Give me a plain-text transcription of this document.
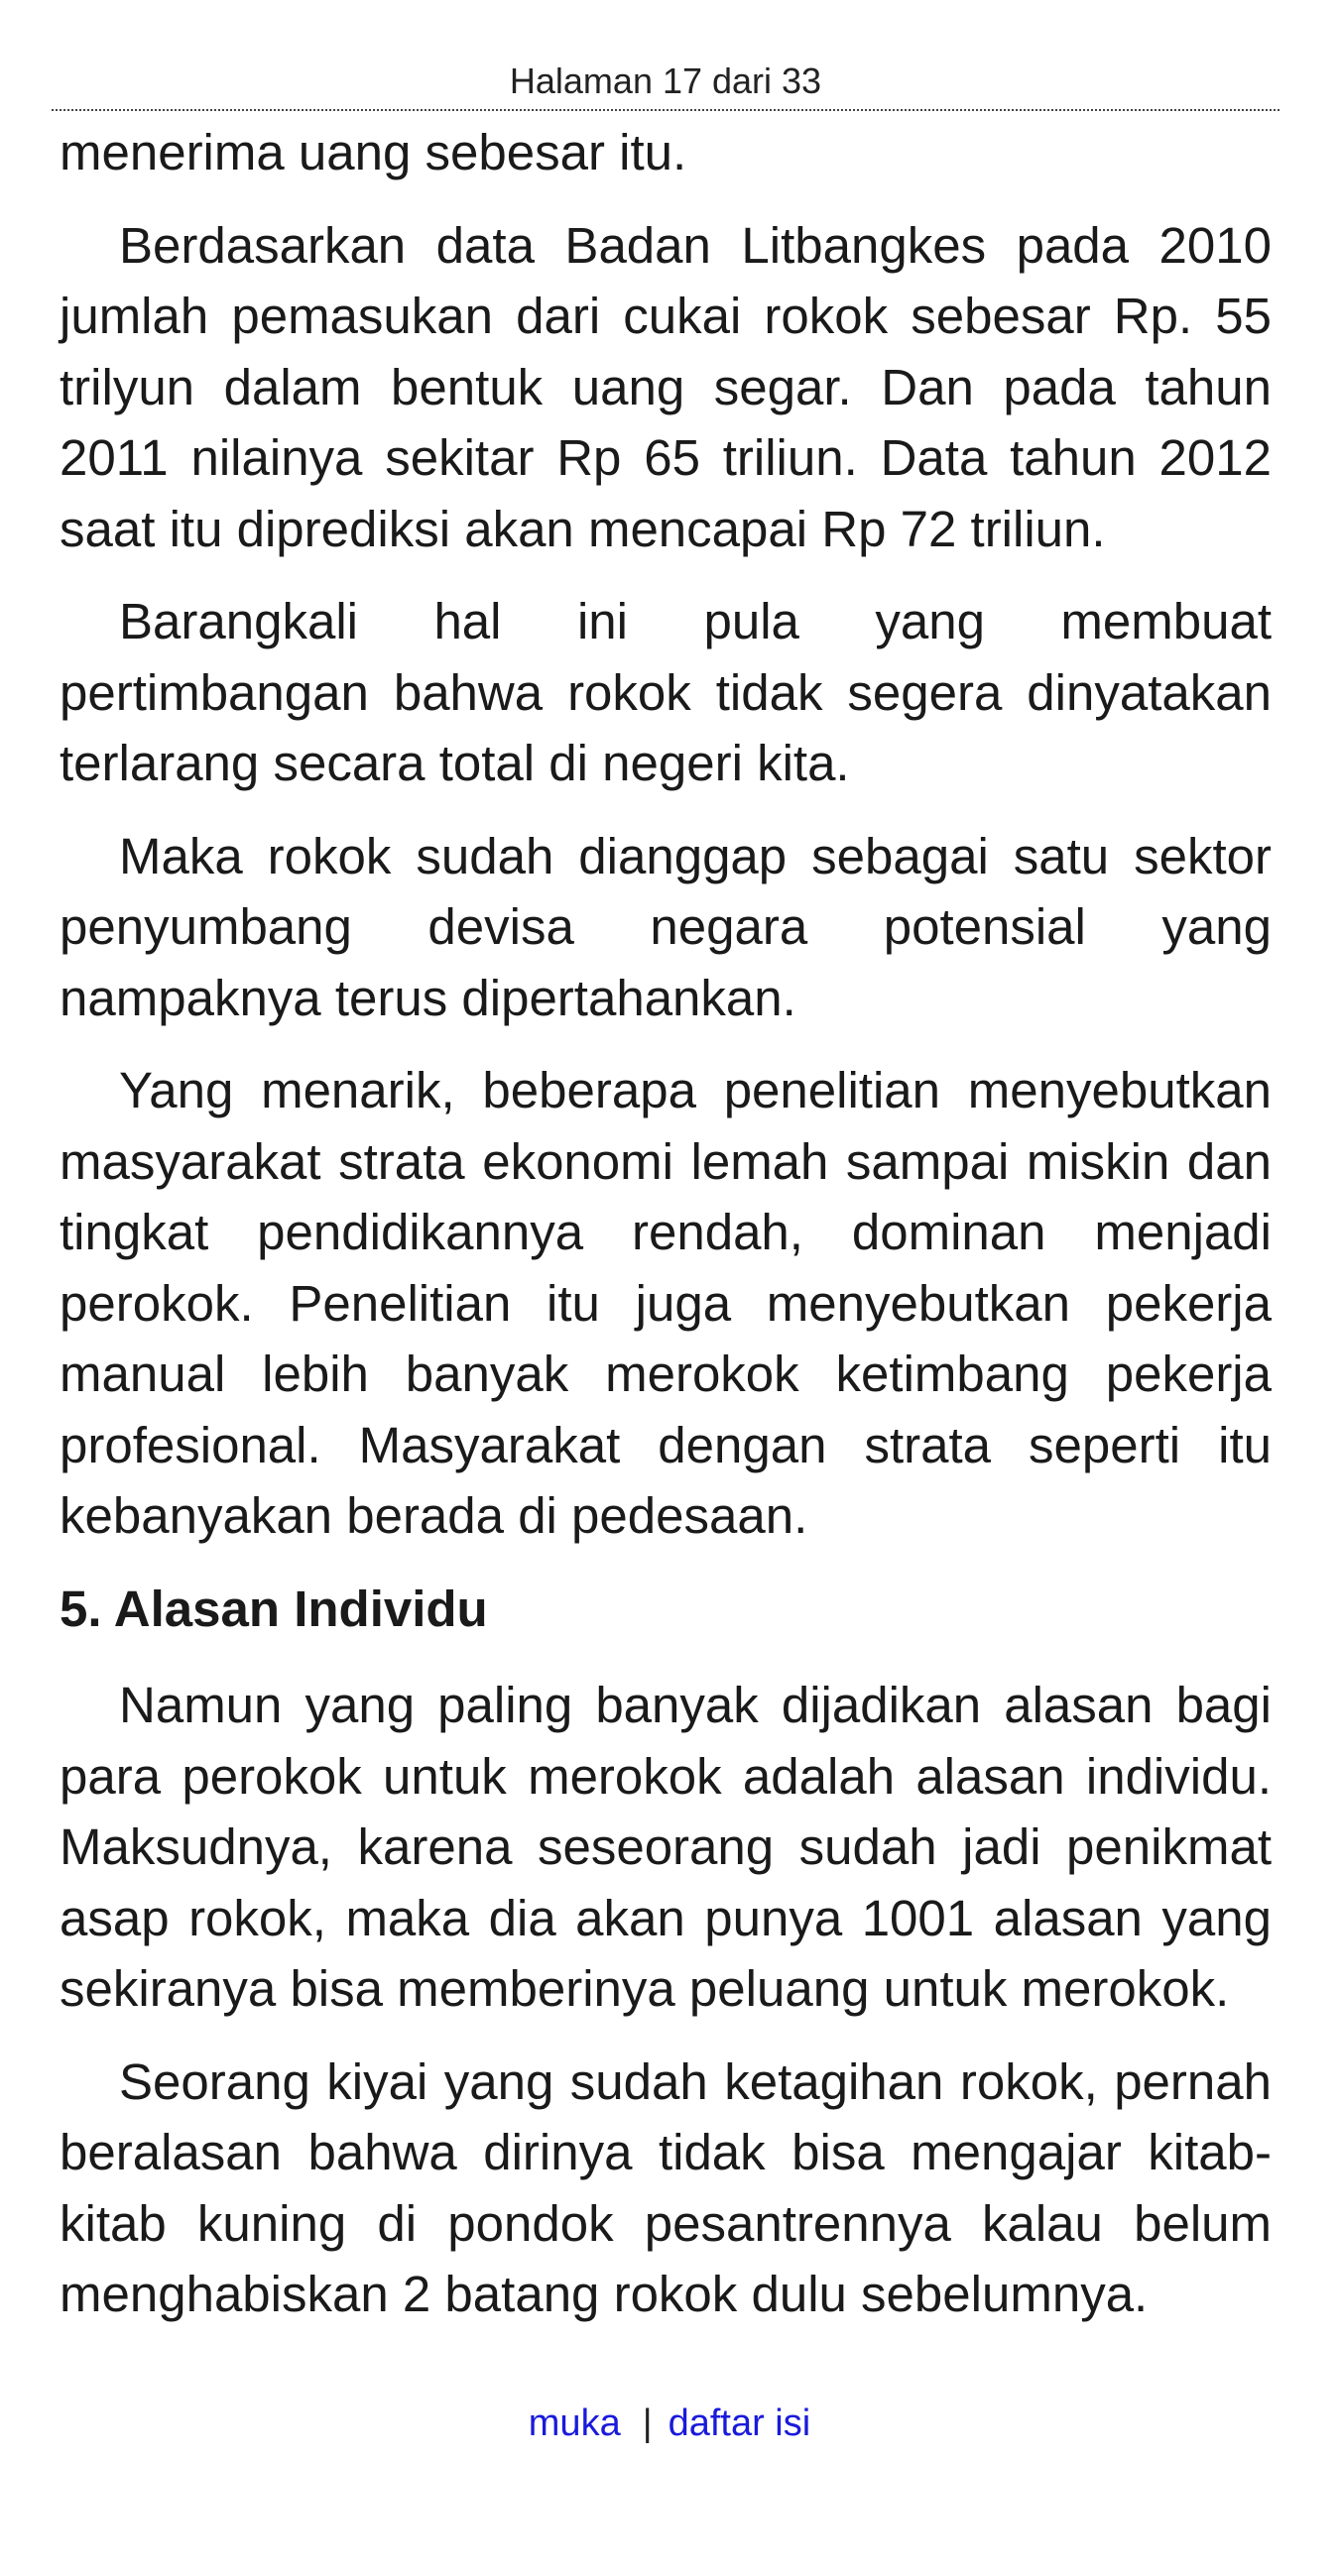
Halaman 17 dari 33

menerima uang sebesar itu.

Berdasarkan data Badan Litbangkes pada 2010 jumlah pemasukan dari cukai rokok sebesar Rp. 55 trilyun dalam bentuk uang segar. Dan pada tahun 2011 nilainya sekitar Rp 65 triliun. Data tahun 2012 saat itu diprediksi akan mencapai Rp 72 triliun.

Barangkali hal ini pula yang membuat pertimbangan bahwa rokok tidak segera dinyatakan terlarang secara total di negeri kita.

Maka rokok sudah dianggap sebagai satu sektor penyumbang devisa negara potensial yang nampaknya terus dipertahankan.

Yang menarik, beberapa penelitian menyebutkan masyarakat strata ekonomi lemah sampai miskin dan tingkat pendidikannya rendah, dominan menjadi perokok. Penelitian itu juga menyebutkan pekerja manual lebih banyak merokok ketimbang pekerja profesional. Masyarakat dengan strata seperti itu kebanyakan berada di pedesaan.

5. Alasan Individu

Namun yang paling banyak dijadikan alasan bagi para perokok untuk merokok adalah alasan individu. Maksudnya, karena seseorang sudah jadi penikmat asap rokok, maka dia akan punya 1001 alasan yang sekiranya bisa memberinya peluang untuk merokok.

Seorang kiyai yang sudah ketagihan rokok, pernah beralasan bahwa dirinya tidak bisa mengajar kitab-kitab kuning di pondok pesantrennya kalau belum menghabiskan 2 batang rokok dulu sebelumnya.

muka | daftar isi
